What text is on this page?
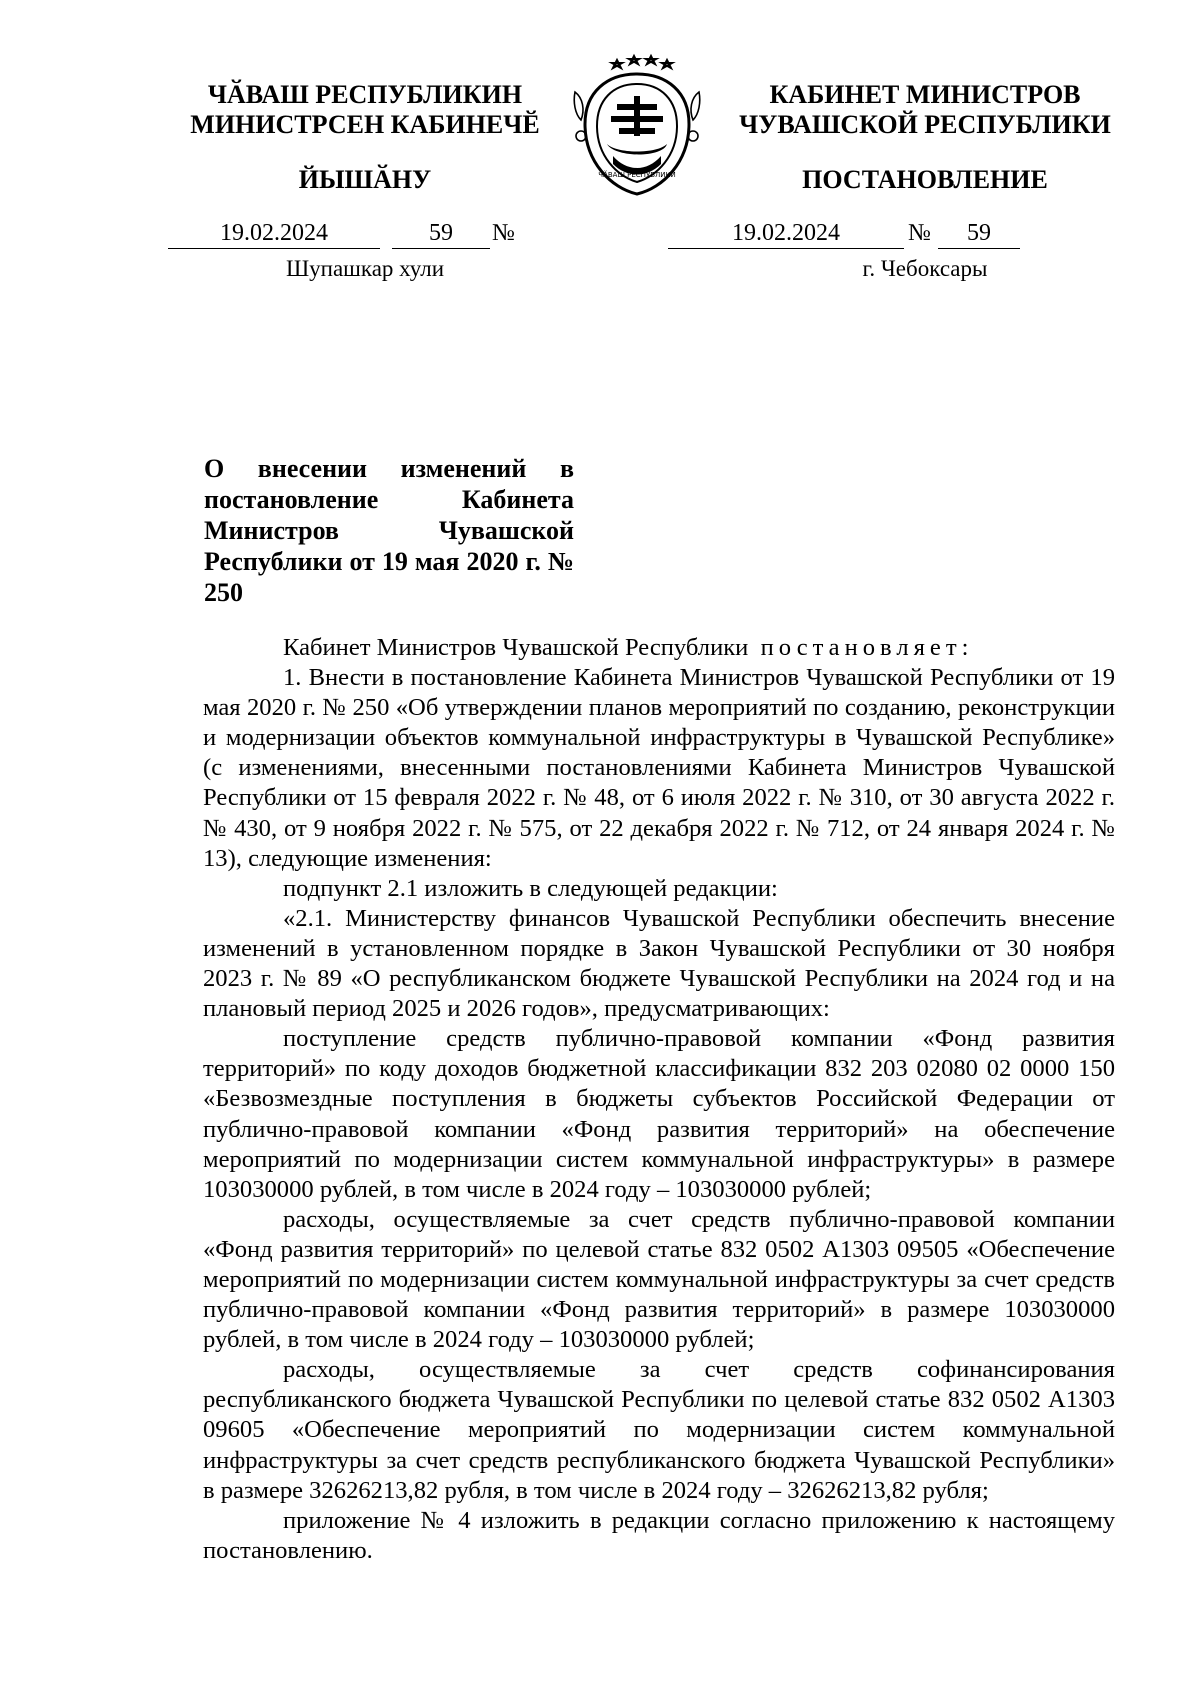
ЧӐВАШ РЕСПУБЛИКИН
МИНИСТРСЕН КАБИНЕЧӖ
КАБИНЕТ МИНИСТРОВ
ЧУВАШСКОЙ РЕСПУБЛИКИ
ЧӐВАШ РЕСПУБЛИКИ
ЙЫШӐНУ	ПОСТАНОВЛЕНИЕ
19.02.2024	59	№	19.02.2024	№	59
Шупашкар хули	г. Чебоксары
О внесении изменений в постановление Кабинета Министров Чувашской Республики от 19 мая 2020 г. № 250

Кабинет Министров Чувашской Республики постановляет:

1. Внести в постановление Кабинета Министров Чувашской Республики от 19 мая 2020 г. № 250 «Об утверждении планов мероприятий по созданию, реконструкции и модернизации объектов коммунальной инфраструктуры в Чувашской Республике» (с изменениями, внесенными постановлениями Кабинета Министров Чувашской Республики от 15 февраля 2022 г. № 48, от 6 июля 2022 г. № 310, от 30 августа 2022 г. № 430, от 9 ноября 2022 г. № 575, от 22 декабря 2022 г. № 712, от 24 января 2024 г. № 13), следующие изменения:

подпункт 2.1 изложить в следующей редакции:

«2.1. Министерству финансов Чувашской Республики обеспечить внесение изменений в установленном порядке в Закон Чувашской Республики от 30 ноября 2023 г. № 89 «О республиканском бюджете Чувашской Республики на 2024 год и на плановый период 2025 и 2026 годов», предусматривающих:

поступление средств публично-правовой компании «Фонд развития территорий» по коду доходов бюджетной классификации 832 203 02080 02 0000 150 «Безвозмездные поступления в бюджеты субъектов Российской Федерации от публично-правовой компании «Фонд развития территорий» на обеспечение мероприятий по модернизации систем коммунальной инфраструктуры» в размере 103030000 рублей, в том числе в 2024 году – 103030000 рублей;

расходы, осуществляемые за счет средств публично-правовой компании «Фонд развития территорий» по целевой статье 832 0502 А1303 09505 «Обеспечение мероприятий по модернизации систем коммунальной инфраструктуры за счет средств публично-правовой компании «Фонд развития территорий» в размере 103030000 рублей, в том числе в 2024 году – 103030000 рублей;

расходы, осуществляемые за счет средств софинансирования республиканского бюджета Чувашской Республики по целевой статье 832 0502 А1303 09605 «Обеспечение мероприятий по модернизации систем коммунальной инфраструктуры за счет средств республиканского бюджета Чувашской Республики» в размере 32626213,82 рубля, в том числе в 2024 году – 32626213,82 рубля;

приложение № 4 изложить в редакции согласно приложению к настоящему постановлению.
